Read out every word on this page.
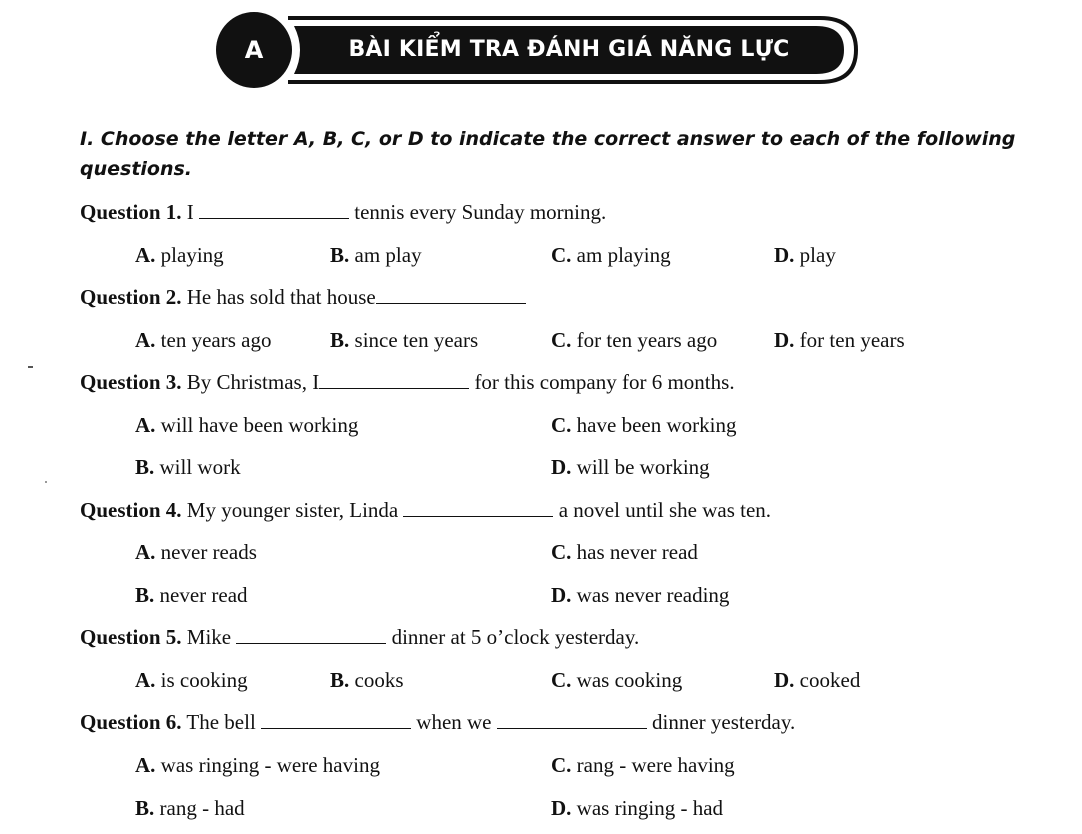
A	BÀI KIỂM TRA ĐÁNH GIÁ NĂNG LỰC
I. Choose the letter A, B, C, or D to indicate the correct answer to each of the following questions.
Question 1. I	tennis every Sunday morning.
A. playing	B. am play	C. am playing	D. play
Question 2. He has sold that house
A. ten years ago	B. since ten years	C. for ten years ago	D. for ten years
Question 3. By Christmas, I	for this company for 6 months.
A. will have been working	C. have been working
B. will work	D. will be working
Question 4. My younger sister, Linda	a novel until she was ten.
A. never reads	C. has never read
B. never read	D. was never reading
Question 5. Mike	dinner at 5 o’clock yesterday.
A. is cooking	B. cooks	C. was cooking	D. cooked
Question 6. The bell	when we	dinner yesterday.
A. was ringing - were having	C. rang - were having
B. rang - had	D. was ringing - had
